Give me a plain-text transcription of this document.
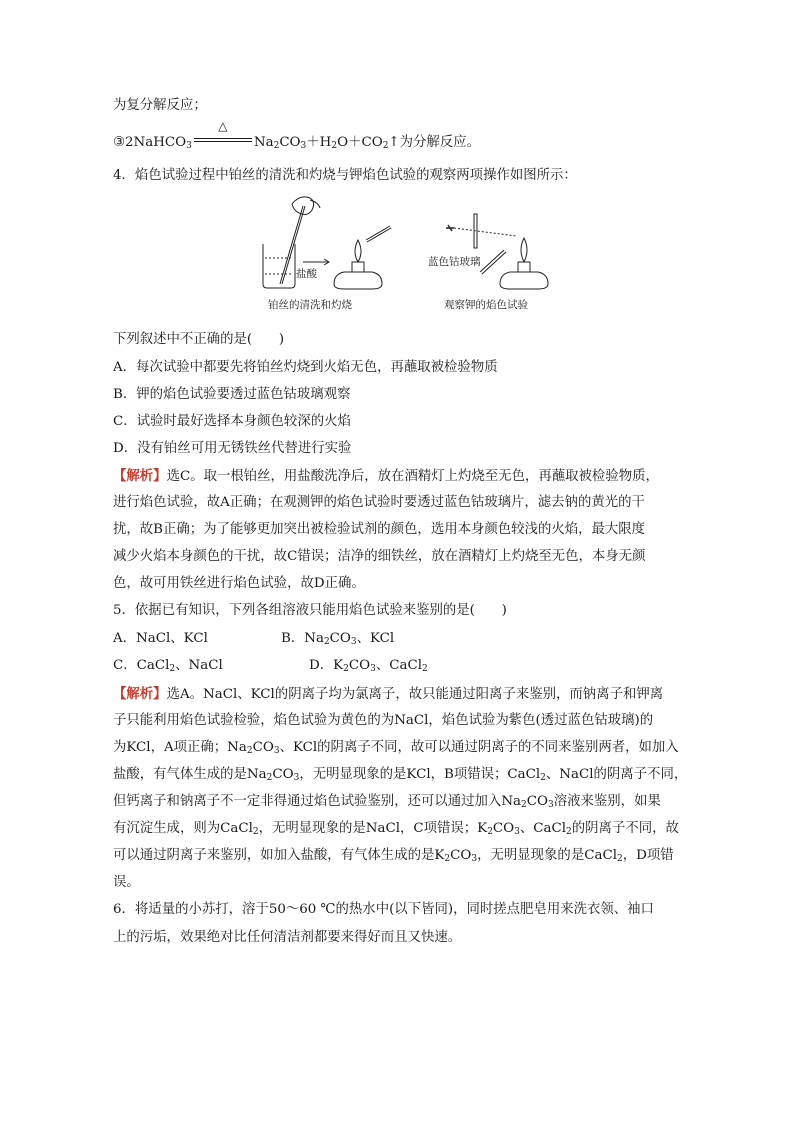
为复分解反应；
③2NaHCO$_3$
△
$Na_2CO_3+H_2O+CO_2↑$为分解反应。
4．焰色试验过程中铂丝的清洗和灼烧与钾焰色试验的观察两项操作如图所示：
盐酸
蓝色钴玻璃
铂丝的清洗和灼烧	观察钾的焰色试验
下列叙述中不正确的是(　　)
A．每次试验中都要先将铂丝灼烧到火焰无色，再蘸取被检验物质
B．钾的焰色试验要透过蓝色钴玻璃观察
C．试验时最好选择本身颜色较深的火焰
D．没有铂丝可用无锈铁丝代替进行实验
【解析】选C。取一根铂丝，用盐酸洗净后，放在酒精灯上灼烧至无色，再蘸取被检验物质，
进行焰色试验，故A正确；在观测钾的焰色试验时要透过蓝色钴玻璃片，滤去钠的黄光的干
扰，故B正确；为了能够更加突出被检验试剂的颜色，选用本身颜色较浅的火焰，最大限度
减少火焰本身颜色的干扰，故C错误；洁净的细铁丝，放在酒精灯上灼烧至无色，本身无颜
色，故可用铁丝进行焰色试验，故D正确。
5．依据已有知识，下列各组溶液只能用焰色试验来鉴别的是(　　)
A．NaCl、KCl	B．$Na_2CO_3$、KCl
C．CaCl$_2$、NaCl	D．$K_2CO_3$、CaCl$_2$
【解析】选A。NaCl、KCl的阴离子均为氯离子，故只能通过阳离子来鉴别，而钠离子和钾离
子只能利用焰色试验检验，焰色试验为黄色的为NaCl，焰色试验为紫色(透过蓝色钴玻璃)的
为KCl，A项正确；$Na_2CO_3$、KCl的阴离子不同，故可以通过阴离子的不同来鉴别两者，如加入
盐酸，有气体生成的是$Na_2CO_3$，无明显现象的是KCl，B项错误；CaCl$_2$、NaCl的阴离子不同，
但钙离子和钠离子不一定非得通过焰色试验鉴别，还可以通过加入$Na_2CO_3$溶液来鉴别，如果
有沉淀生成，则为CaCl$_2$，无明显现象的是NaCl，C项错误；$K_2CO_3$、CaCl$_2$的阴离子不同，故
可以通过阴离子来鉴别，如加入盐酸，有气体生成的是$K_2CO_3$，无明显现象的是CaCl$_2$，D项错
误。
6．将适量的小苏打，溶于50～60 ℃的热水中(以下皆同)，同时搓点肥皂用来洗衣领、袖口
上的污垢，效果绝对比任何清洁剂都要来得好而且又快速。
